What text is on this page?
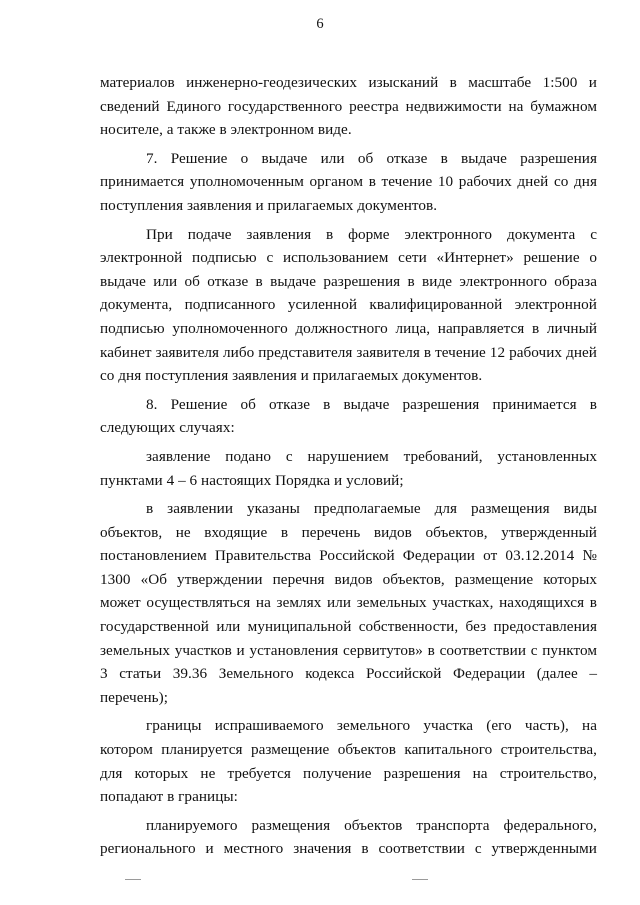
6

материалов инженерно-геодезических изысканий в масштабе 1:500 и сведений Единого государственного реестра недвижимости на бумажном носителе, а также в электронном виде.

7. Решение о выдаче или об отказе в выдаче разрешения принимается уполномоченным органом в течение 10 рабочих дней со дня поступления заявления и прилагаемых документов.

При подаче заявления в форме электронного документа с электронной подписью с использованием сети «Интернет» решение о выдаче или об отказе в выдаче разрешения в виде электронного образа документа, подписанного усиленной квалифицированной электронной подписью уполномоченного должностного лица, направляется в личный кабинет заявителя либо представителя заявителя в течение 12 рабочих дней со дня поступления заявления и прилагаемых документов.

8. Решение об отказе в выдаче разрешения принимается в следующих случаях:

заявление подано с нарушением требований, установленных пунктами 4 – 6 настоящих Порядка и условий;

в заявлении указаны предполагаемые для размещения виды объектов, не входящие в перечень видов объектов, утвержденный постановлением Правительства Российской Федерации от 03.12.2014 № 1300 «Об утверждении перечня видов объектов, размещение которых может осуществляться на землях или земельных участках, находящихся в государственной или муниципальной собственности, без предоставления земельных участков и установления сервитутов» в соответствии с пунктом 3 статьи 39.36 Земельного кодекса Российской Федерации (далее – перечень);

границы испрашиваемого земельного участка (его часть), на котором планируется размещение объектов капитального строительства, для которых не требуется получение разрешения на строительство, попадают в границы:

планируемого размещения объектов транспорта федерального, регионального и местного значения в соответствии с утвержденными
